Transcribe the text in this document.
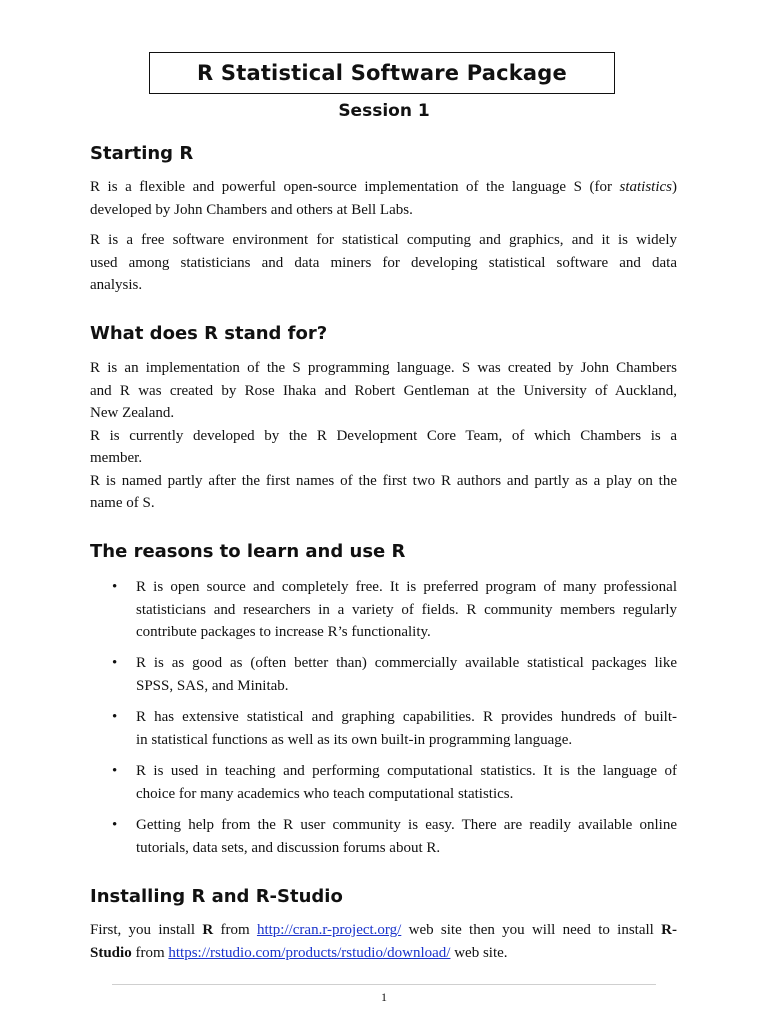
R Statistical Software Package
Session 1
Starting R
R is a flexible and powerful open-source implementation of the language S (for statistics)
developed by John Chambers and others at Bell Labs.
R is a free software environment for statistical computing and graphics, and it is widely
used among statisticians and data miners for developing statistical software and data
analysis.
What does R stand for?
R is an implementation of the S programming language. S was created by John Chambers
and R was created by Rose Ihaka and Robert Gentleman at the University of Auckland,
New Zealand.
R is currently developed by the R Development Core Team, of which Chambers is a
member.
R is named partly after the first names of the first two R authors and partly as a play on the
name of S.
The reasons to learn and use R
• R is open source and completely free. It is preferred program of many professional
statisticians and researchers in a variety of fields. R community members regularly
contribute packages to increase R’s functionality.
• R is as good as (often better than) commercially available statistical packages like
SPSS, SAS, and Minitab.
• R has extensive statistical and graphing capabilities. R provides hundreds of built-
in statistical functions as well as its own built-in programming language.
• R is used in teaching and performing computational statistics. It is the language of
choice for many academics who teach computational statistics.
• Getting help from the R user community is easy. There are readily available online
tutorials, data sets, and discussion forums about R.
Installing R and R-Studio
First, you install R from http://cran.r-project.org/ web site then you will need to install R-
Studio from https://rstudio.com/products/rstudio/download/ web site.
1
